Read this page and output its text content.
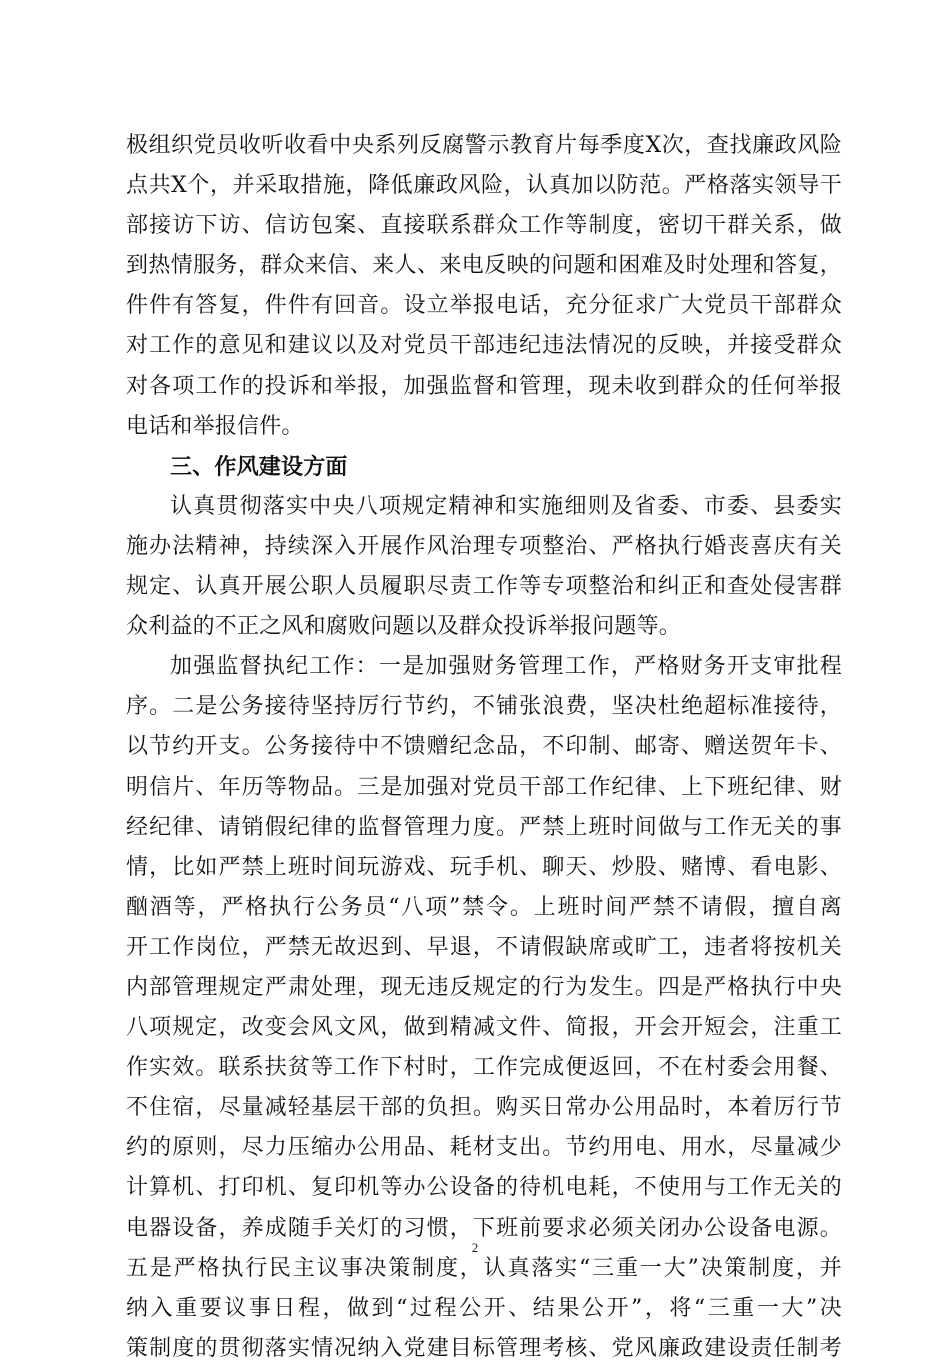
极组织党员收听收看中央系列反腐警示教育片每季度X次，查找廉政风险
点共X个，并采取措施，降低廉政风险，认真加以防范。严格落实领导干
部接访下访、信访包案、直接联系群众工作等制度，密切干群关系，做
到热情服务，群众来信、来人、来电反映的问题和困难及时处理和答复，
件件有答复，件件有回音。设立举报电话，充分征求广大党员干部群众
对工作的意见和建议以及对党员干部违纪违法情况的反映，并接受群众
对各项工作的投诉和举报，加强监督和管理，现未收到群众的任何举报
电话和举报信件。
三、作风建设方面
认真贯彻落实中央八项规定精神和实施细则及省委、市委、县委实
施办法精神，持续深入开展作风治理专项整治、严格执行婚丧喜庆有关
规定、认真开展公职人员履职尽责工作等专项整治和纠正和查处侵害群
众利益的不正之风和腐败问题以及群众投诉举报问题等。
加强监督执纪工作：一是加强财务管理工作，严格财务开支审批程
序。二是公务接待坚持厉行节约，不铺张浪费，坚决杜绝超标准接待，
以节约开支。公务接待中不馈赠纪念品，不印制、邮寄、赠送贺年卡、
明信片、年历等物品。三是加强对党员干部工作纪律、上下班纪律、财
经纪律、请销假纪律的监督管理力度。严禁上班时间做与工作无关的事
情，比如严禁上班时间玩游戏、玩手机、聊天、炒股、赌博、看电影、
酗酒等，严格执行公务员“八项”禁令。上班时间严禁不请假，擅自离
开工作岗位，严禁无故迟到、早退，不请假缺席或旷工，违者将按机关
内部管理规定严肃处理，现无违反规定的行为发生。四是严格执行中央
八项规定，改变会风文风，做到精减文件、简报，开会开短会，注重工
作实效。联系扶贫等工作下村时，工作完成便返回，不在村委会用餐、
不住宿，尽量减轻基层干部的负担。购买日常办公用品时，本着厉行节
约的原则，尽力压缩办公用品、耗材支出。节约用电、用水，尽量减少
计算机、打印机、复印机等办公设备的待机电耗，不使用与工作无关的
电器设备，养成随手关灯的习惯，下班前要求必须关闭办公设备电源。
五是严格执行民主议事决策制度，认真落实“三重一大”决策制度，并
纳入重要议事日程，做到“过程公开、结果公开”，将“三重一大”决
策制度的贯彻落实情况纳入党建目标管理考核、党风廉政建设责任制考
2
